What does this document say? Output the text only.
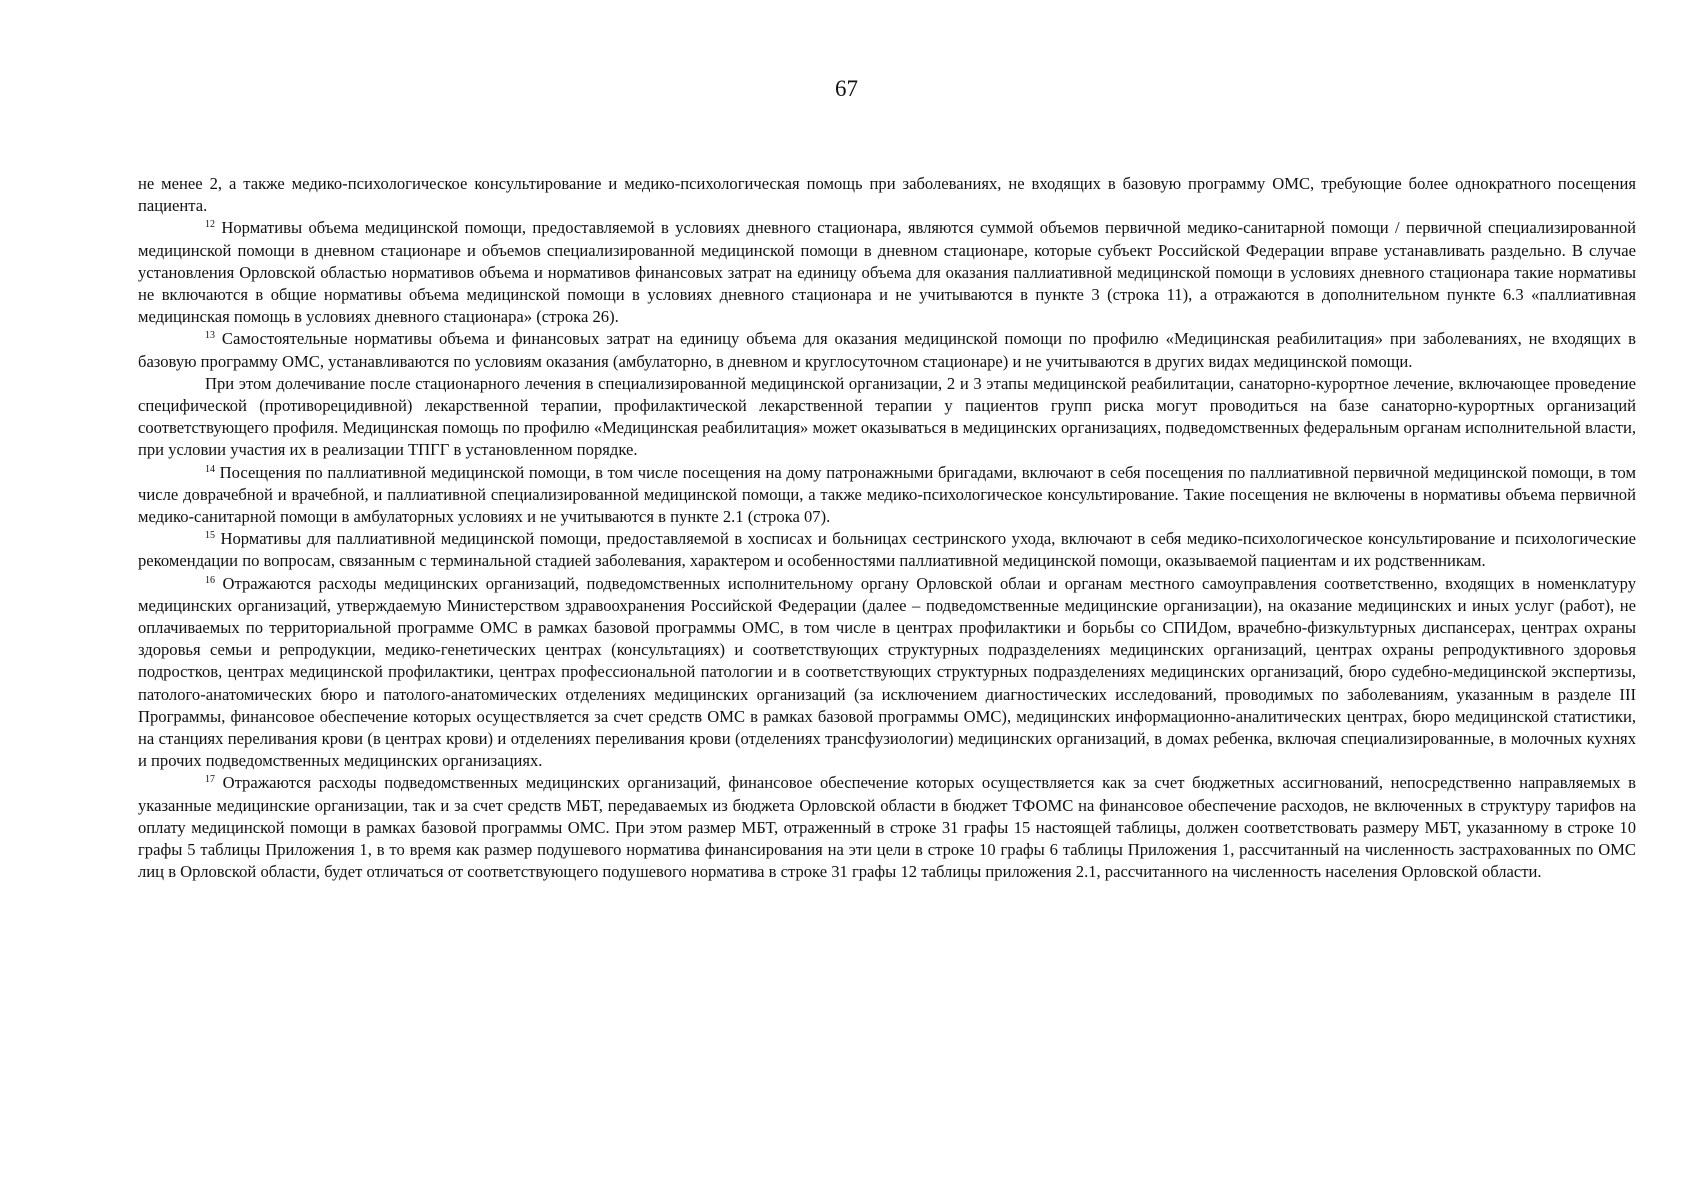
67

не менее 2, а также медико-психологическое консультирование и медико-психологическая помощь при заболеваниях, не входящих в базовую программу ОМС, требующие более однократного посещения пациента.

$^{12}$ Нормативы объема медицинской помощи, предоставляемой в условиях дневного стационара, являются суммой объемов первичной медико-санитарной помощи / первичной специализированной медицинской помощи в дневном стационаре и объемов специализированной медицинской помощи в дневном стационаре, которые субъект Российской Федерации вправе устанавливать раздельно. В случае установления Орловской областью нормативов объема и нормативов финансовых затрат на единицу объема для оказания паллиативной медицинской помощи в условиях дневного стационара такие нормативы не включаются в общие нормативы объема медицинской помощи в условиях дневного стационара и не учитываются в пункте 3 (строка 11), а отражаются в дополнительном пункте 6.3 «паллиативная медицинская помощь в условиях дневного стационара» (строка 26).

$^{13}$ Самостоятельные нормативы объема и финансовых затрат на единицу объема для оказания медицинской помощи по профилю «Медицинская реабилитация» при заболеваниях, не входящих в базовую программу ОМС, устанавливаются по условиям оказания (амбулаторно, в дневном и круглосуточном стационаре) и не учитываются в других видах медицинской помощи.

При этом долечивание после стационарного лечения в специализированной медицинской организации, 2 и 3 этапы медицинской реабилитации, санаторно-курортное лечение, включающее проведение специфической (противорецидивной) лекарственной терапии, профилактической лекарственной терапии у пациентов групп риска могут проводиться на базе санаторно-курортных организаций соответствующего профиля. Медицинская помощь по профилю «Медицинская реабилитация» может оказываться в медицинских организациях, подведомственных федеральным органам исполнительной власти, при условии участия их в реализации ТПГГ в установленном порядке.

$^{14}$ Посещения по паллиативной медицинской помощи, в том числе посещения на дому патронажными бригадами, включают в себя посещения по паллиативной первичной медицинской помощи, в том числе доврачебной и врачебной, и паллиативной специализированной медицинской помощи, а также медико-психологическое консультирование. Такие посещения не включены в нормативы объема первичной медико-санитарной помощи в амбулаторных условиях и не учитываются в пункте 2.1 (строка 07).

$^{15}$ Нормативы для паллиативной медицинской помощи, предоставляемой в хосписах и больницах сестринского ухода, включают в себя медико-психологическое консультирование и психологические рекомендации по вопросам, связанным с терминальной стадией заболевания, характером и особенностями паллиативной медицинской помощи, оказываемой пациентам и их родственникам.

$^{16}$ Отражаются расходы медицинских организаций, подведомственных исполнительному органу Орловской облаи и органам местного самоуправления соответственно, входящих в номенклатуру медицинских организаций, утверждаемую Министерством здравоохранения Российской Федерации (далее – подведомственные медицинские организации), на оказание медицинских и иных услуг (работ), не оплачиваемых по территориальной программе ОМС в рамках базовой программы ОМС, в том числе в центрах профилактики и борьбы со СПИДом, врачебно-физкультурных диспансерах, центрах охраны здоровья семьи и репродукции, медико-генетических центрах (консультациях) и соответствующих структурных подразделениях медицинских организаций, центрах охраны репродуктивного здоровья подростков, центрах медицинской профилактики, центрах профессиональной патологии и в соответствующих структурных подразделениях медицинских организаций, бюро судебно-медицинской экспертизы, патолого-анатомических бюро и патолого-анатомических отделениях медицинских организаций (за исключением диагностических исследований, проводимых по заболеваниям, указанным в разделе III Программы, финансовое обеспечение которых осуществляется за счет средств ОМС в рамках базовой программы ОМС), медицинских информационно-аналитических центрах, бюро медицинской статистики, на станциях переливания крови (в центрах крови) и отделениях переливания крови (отделениях трансфузиологии) медицинских организаций, в домах ребенка, включая специализированные, в молочных кухнях и прочих подведомственных медицинских организациях.

$^{17}$ Отражаются расходы подведомственных медицинских организаций, финансовое обеспечение которых осуществляется как за счет бюджетных ассигнований, непосредственно направляемых в указанные медицинские организации, так и за счет средств МБТ, передаваемых из бюджета Орловской области в бюджет ТФОМС на финансовое обеспечение расходов, не включенных в структуру тарифов на оплату медицинской помощи в рамках базовой программы ОМС. При этом размер МБТ, отраженный в строке 31 графы 15 настоящей таблицы, должен соответствовать размеру МБТ, указанному в строке 10 графы 5 таблицы Приложения 1, в то время как размер подушевого норматива финансирования на эти цели в строке 10 графы 6 таблицы Приложения 1, рассчитанный на численность застрахованных по ОМС лиц в Орловской области, будет отличаться от соответствующего подушевого норматива в строке 31 графы 12 таблицы приложения 2.1, рассчитанного на численность населения Орловской области.
